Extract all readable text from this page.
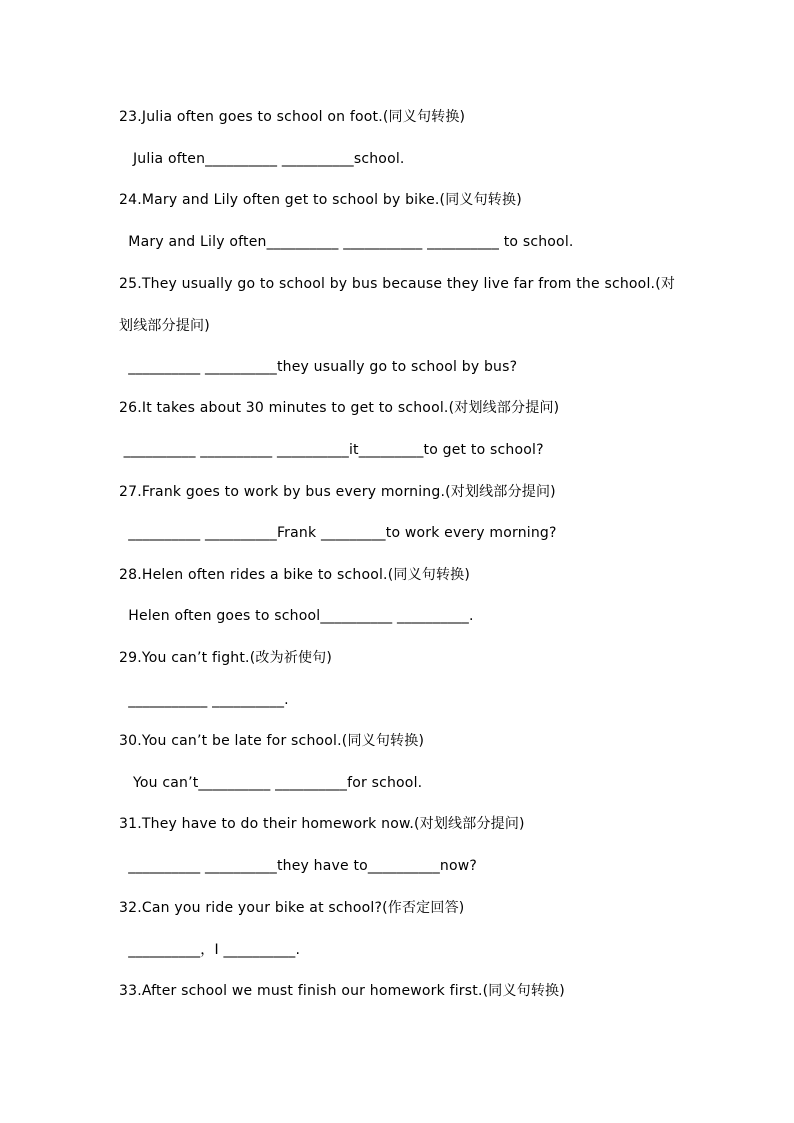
23.Julia often goes to school on foot.(同义句转换)
Julia often__________ __________school.
24.Mary and Lily often get to school by bike.(同义句转换)
Mary and Lily often__________ ___________ __________ to school.
25.They usually go to school by bus because they live far from the school.(对
划线部分提问)
__________ __________they usually go to school by bus?
26.It takes about 30 minutes to get to school.(对划线部分提问)
__________ __________ __________it_________to get to school?
27.Frank goes to work by bus every morning.(对划线部分提问)
__________ __________Frank _________to work every morning?
28.Helen often rides a bike to school.(同义句转换)
Helen often goes to school__________ __________.
29.You can’t fight.(改为祈使句)
___________ __________.
30.You can’t be late for school.(同义句转换)
You can’t__________ __________for school.
31.They have to do their homework now.(对划线部分提问)
__________ __________they have to__________now?
32.Can you ride your bike at school?(作否定回答)
__________，I __________.
33.After school we must finish our homework first.(同义句转换)
